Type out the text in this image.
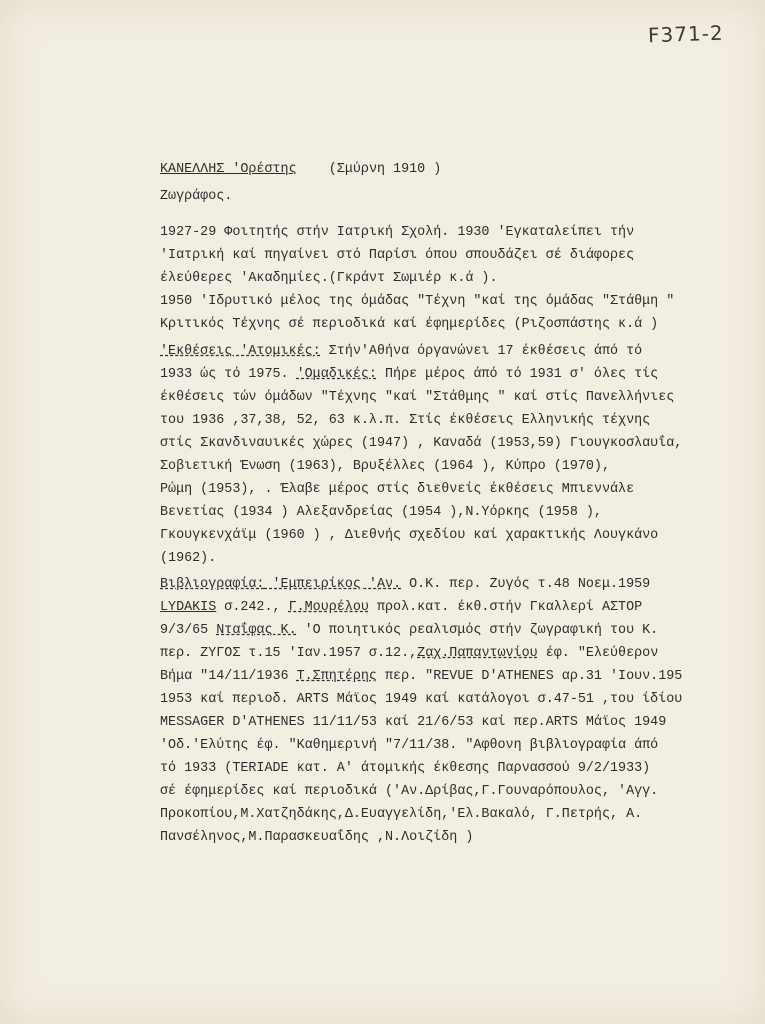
F371-2
ΚΑΝΕΛΛΗΣ 'Ορέστης (Σμύρνη 1910 )
Ζωγράφος.
1927-29 Φοιτητής στήν Ιατρική Σχολή. 1930 'Εγκαταλείπει τήν
'Ιατρική καί πηγαίνει στό Παρίσι όπου σπουδάζει σέ διάφορες
έλεύθερες 'Ακαδημίες.(Γκράντ Σωμιέρ κ.ά ).
1950 'Ιδρυτικό μέλος της όμάδας "Τέχνη "καί της όμάδας "Στάθμη "
Κριτικός Τέχνης σέ περιοδικά καί έφημερίδες (Ριζοσπάστης κ.ά )
'Εκθέσεις 'Ατομικές: Στήν'Αθήνα όργανώνει 17 έκθέσεις άπό τό
1933 ώς τό 1975. 'Ομαδικές: Πήρε μέρος άπό τό 1931 σ' όλες τίς
έκθέσεις τών όμάδων "Τέχνης "καί "Στάθμης " καί στίς Πανελλήνιες
του 1936 ,37,38, 52, 63 κ.λ.π. Στίς έκθέσεις Ελληνικής τέχνης
στίς Σκανδιναυικές χώρες (1947) , Καναδά (1953,59) Γιουγκοσλαυΐα,
Σοβιετική Ένωση (1963), Βρυξέλλες (1964 ), Κύπρο (1970),
Ρώμη (1953), . Έλαβε μέρος στίς διεθνείς έκθέσεις Μπιεννάλε
Βενετίας (1934 ) Αλεξανδρείας (1954 ),Ν.Υόρκης (1958 ),
Γκουγκενχάϊμ (1960 ) , Διεθνής σχεδίου καί χαρακτικής Λουγκάνο
(1962).
Βιβλιογραφία: 'Εμπειρίκος 'Αν. Ο.Κ. περ. Ζυγός τ.48 Νοεμ.1959
LYDAKIS σ.242., Γ.Μουρέλου προλ.κατ. έκθ.στήν Γκαλλερί ΑΣΤΟΡ
9/3/65 Νταΐφας Κ. 'Ο ποιητικός ρεαλισμός στήν ζωγραφική του Κ.
περ. ΖΥΓΟΣ τ.15 'Ιαν.1957 σ.12.,Ζαχ.Παπαντωνίου έφ. "Ελεύθερον
Βήμα "14/11/1936 Τ.Σπητέρης περ. "REVUE D'ATHENES αρ.31 'Ιουν.195
1953 καί περιοδ. ARTS Μάϊος 1949 καί κατάλογοι σ.47-51 ,του ίδίου
MESSAGER D'ATHENES 11/11/53 καί 21/6/53 καί περ.ARTS Μάϊος 1949
'Οδ.'Ελύτης έφ. "Καθημερινή "7/11/38. "Αφθονη βιβλιογραφία άπό
τό 1933 (TERIADE κατ. Α' άτομικής έκθεσης Παρνασσού 9/2/1933)
σέ έφημερίδες καί περιοδικά ('Αν.Δρίβας,Γ.Γουναρόπουλος, 'Αγγ.
Προκοπίου,Μ.Χατζηδάκης,Δ.Ευαγγελίδη,'Ελ.Βακαλό, Γ.Πετρής, Α.
Πανσέληνος,Μ.Παρασκευαΐδης ,Ν.Λοιζίδη )
